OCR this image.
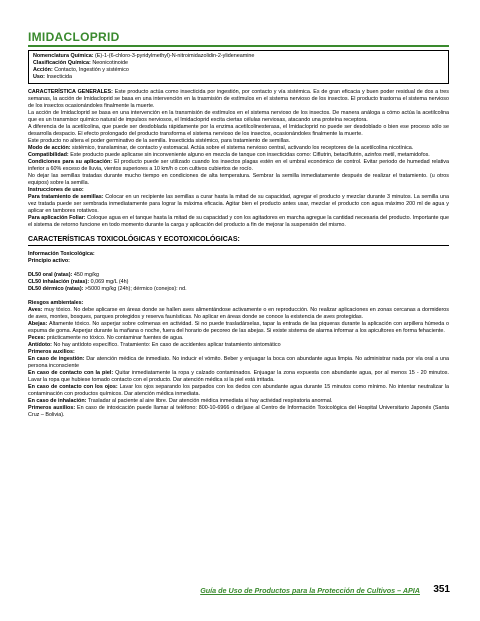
IMIDACLOPRID
Nomenclatura Química: (E)-1-(6-chloro-3-pyridylmethyl)-N-nitroimidazolidin-2-ylideneamine
Clasificación Química: Neonicotinoide
Acción: Contacto, Ingestión y sistémico
Uso: Insecticida

CARACTERÍSTICA GENERALES: Este producto actúa como insecticida por ingestión, por contacto y vía sistémica. Es de gran eficacia y buen poder residual de dos a tres semanas, la acción de Imidacloprid se basa en una intervención en la trasmisión de estímulos en el sistema nervioso de los insectos. El producto trastorna el sistema nervioso de los insectos ocasionándoles finalmente la muerte.

La acción de Imidacloprid se basa en una intervención en la transmisión de estímulos en el sistema nervioso de los insectos. De manera análoga a cómo actúa la acetilcolina que es un transmisor químico natural de impulsos nerviosos, el Imidacloprid excita ciertas células nerviosas, atacando una proteína receptora.

A diferencia de la acetilcolina, que puede ser desdoblada rápidamente por la enzima acetilcolinesterasa, el Imidacloprid no puede ser desdoblado o bien ese proceso sólo se desarrolla despacio. El efecto prolongado del producto transforma el sistema nervioso de los insectos, ocasionándoles finalmente la muerte.

Este producto no altera el poder germinativo de la semilla. Insecticida sistémico, para tratamiento de semillas.

Modo de acción: sistémico, translaminar, de contacto y estomacal. Actúa sobre el sistema nervioso central, activando los receptores de la acetilcolina nicotínica.

Compatibilidad: Este producto puede aplicarse sin inconveniente alguno en mezcla de tanque con insecticidas como: Ciflutrin, betaciflutrin, azinfos metil, metamidofos.

Condiciones para su aplicación: El producto puede ser utilizado cuando los insectos plagas estén en el umbral económico de control. Evitar periodo de humedad relativa inferior a 60% exceso de lluvia, vientos superiores a 10 km/h o con cultivos cubiertos de rocío.

No dejar las semillas tratadas durante mucho tiempo en condiciones de alta temperatura. Sembrar la semilla inmediatamente después de realizar el tratamiento. (u otros equipos) sobre la semilla.

Instrucciones de uso:

Para tratamiento de semillas: Colocar en un recipiente las semillas a curar hasta la mitad de su capacidad, agregar el producto y mezclar durante 3 minutos. La semilla una vez tratada puede ser sembrada inmediatamente para lograr la máxima eficacia. Agitar bien el producto antes usar, mezclar el producto con agua máximo 200 ml de agua y aplicar en tambores rotativos.

Para aplicación Foliar: Coloque agua en el tanque hasta la mitad de su capacidad y con los agitadores en marcha agregue la cantidad necesaria del producto. Importante que el sistema de retorno funcione en todo momento durante la carga y aplicación del producto a fin de mejorar la suspensión del mismo.

CARACTERÍSTICAS TOXICOLÓGICAS Y ECOTOXICOLÓGICAS:

Información Toxicológica:

Principio activo:

DL50 oral (ratas): 450 mg/kg

CL50 inhalación (ratas): 0,069 mg/L (4h)

DL50 dérmico (ratas): >5000 mg/kg (24h); dérmico (conejos): nd.

Riesgos ambientales:

Aves: muy tóxico. No debe aplicarse en áreas donde se hallen aves alimentándose activamente o en reproducción. No realizar aplicaciones en zonas cercanas a dormideros de aves, montes, bosques, parques protegidos y reserva faunísticas. No aplicar en áreas donde se conoce la existencia de aves protegidas.

Abejas: Altamente tóxico. No asperjar sobre colmenas en actividad. Si no puede trasladárselas, tapar la entrada de las piqueras durante la aplicación con arpillera húmeda o espuma de goma. Asperjar durante la mañana o noche, fuera del horario de pecoreo de las abejas. Si existe sistema de alarma informar a los apicultores en forma fehaciente.

Peces: prácticamente no tóxico. No contaminar fuentes de agua.

Antídoto: No hay antídoto específico. Tratamiento: En caso de accidentes aplicar tratamiento sintomático

Primeros auxilios:

En caso de ingestión: Dar atención médica de inmediato. No inducir el vómito. Beber y enjuagar la boca con abundante agua limpia. No administrar nada por vía oral a una persona inconsciente

En caso de contacto con la piel: Quitar inmediatamente la ropa y calzado contaminados. Enjuagar la zona expuesta con abundante agua, por al menos 15 - 20 minutos. Lavar la ropa que hubiese tomado contacto con el producto. Dar atención médica si la piel está irritada.

En caso de contacto con los ojos: Lavar los ojos separando los parpados con los dedos con abundante agua durante 15 minutos como mínimo. No intentar neutralizar la contaminación con productos químicos. Dar atención médica inmediata.

En caso de inhalación: Trasladar al paciente al aire libre. Dar atención médica inmediata si hay actividad respiratoria anormal.

Primeros auxilios: En caso de intoxicación puede llamar al teléfono: 800-10-6966 o diríjase al Centro de Información Toxicológica del Hospital Universitario Japonés (Santa Cruz – Bolivia).

Guía de Uso de Productos para la Protección de Cultivos – APIA 351
